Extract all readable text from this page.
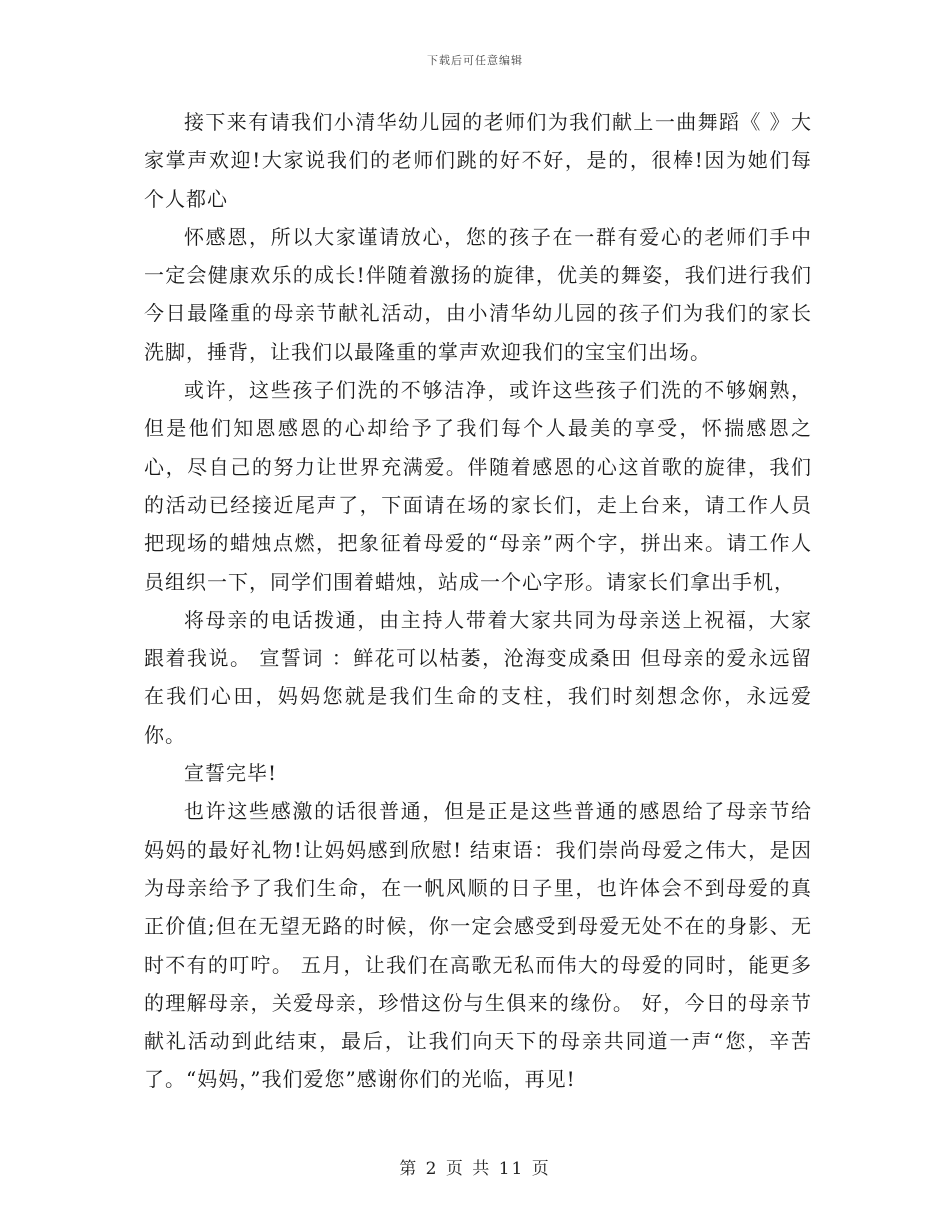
下载后可任意编辑

接下来有请我们小清华幼儿园的老师们为我们献上一曲舞蹈《 》大家掌声欢迎!大家说我们的老师们跳的好不好，是的，很棒!因为她们每个人都心

怀感恩，所以大家谨请放心，您的孩子在一群有爱心的老师们手中一定会健康欢乐的成长!伴随着激扬的旋律，优美的舞姿，我们进行我们今日最隆重的母亲节献礼活动，由小清华幼儿园的孩子们为我们的家长洗脚，捶背，让我们以最隆重的掌声欢迎我们的宝宝们出场。

或许，这些孩子们洗的不够洁净，或许这些孩子们洗的不够娴熟，但是他们知恩感恩的心却给予了我们每个人最美的享受，怀揣感恩之心，尽自己的努力让世界充满爱。伴随着感恩的心这首歌的旋律，我们的活动已经接近尾声了，下面请在场的家长们，走上台来，请工作人员把现场的蜡烛点燃，把象征着母爱的“母亲”两个字，拼出来。请工作人员组织一下，同学们围着蜡烛，站成一个心字形。请家长们拿出手机，

将母亲的电话拨通，由主持人带着大家共同为母亲送上祝福，大家跟着我说。 宣誓词 ：鲜花可以枯萎，沧海变成桑田 但母亲的爱永远留在我们心田，妈妈您就是我们生命的支柱，我们时刻想念你，永远爱你。

宣誓完毕!

也许这些感激的话很普通，但是正是这些普通的感恩给了母亲节给妈妈的最好礼物!让妈妈感到欣慰! 结束语：我们崇尚母爱之伟大，是因为母亲给予了我们生命，在一帆风顺的日子里，也许体会不到母爱的真正价值;但在无望无路的时候，你一定会感受到母爱无处不在的身影、无时不有的叮咛。 五月，让我们在高歌无私而伟大的母爱的同时，能更多的理解母亲，关爱母亲，珍惜这份与生俱来的缘份。 好，今日的母亲节献礼活动到此结束，最后，让我们向天下的母亲共同道一声“您，辛苦了。“妈妈，”我们爱您”感谢你们的光临，再见!

第 2 页 共 11 页
